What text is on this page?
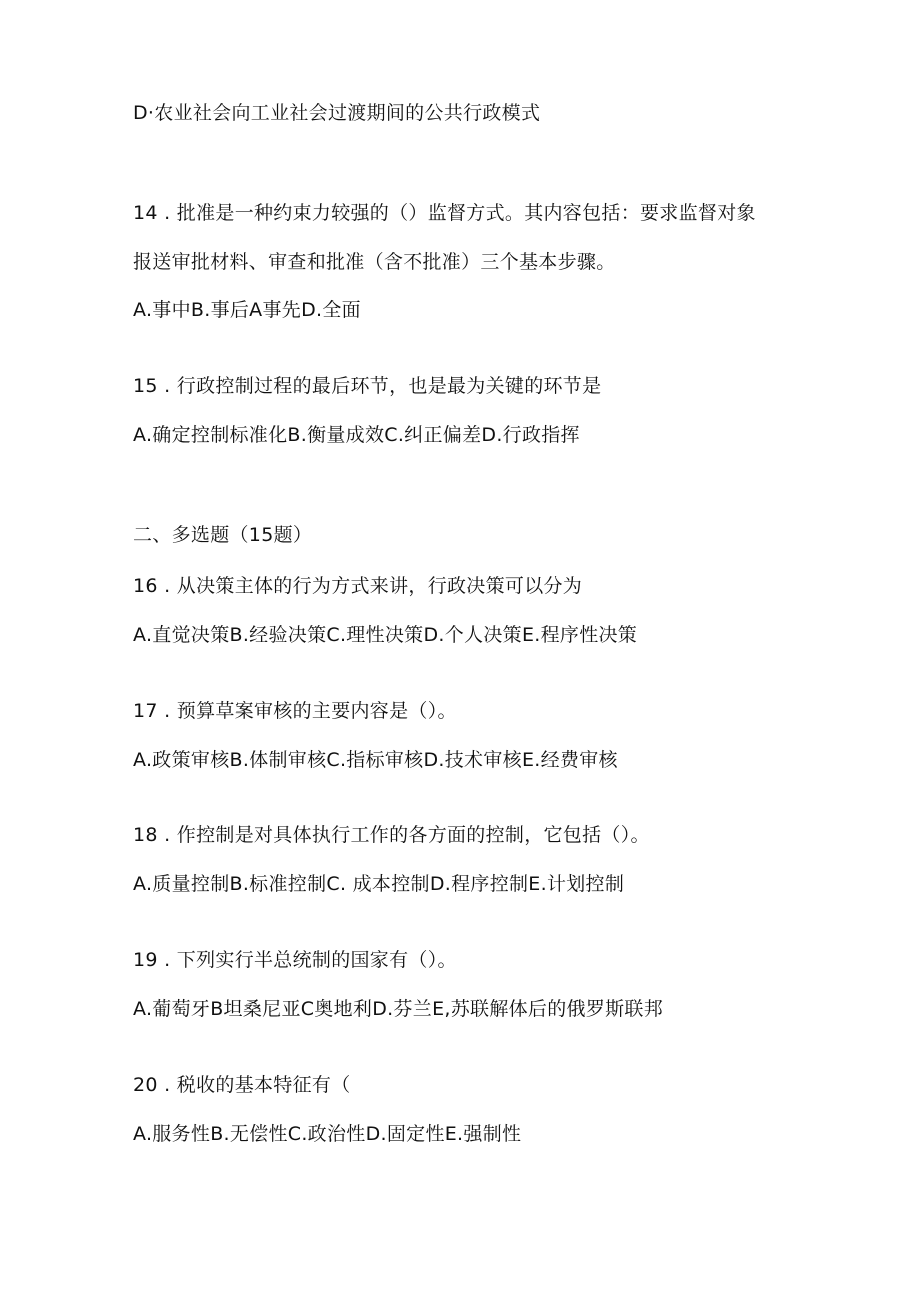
D·农业社会向工业社会过渡期间的公共行政模式
14 . 批准是一种约束力较强的（）监督方式。其内容包括：要求监督对象
报送审批材料、审查和批准（含不批准）三个基本步骤。
A.事中B.事后A事先D.全面
15 . 行政控制过程的最后环节，也是最为关键的环节是
A.确定控制标准化B.衡量成效C.纠正偏差D.行政指挥
二、多选题（15题）
16 . 从决策主体的行为方式来讲，行政决策可以分为
A.直觉决策B.经验决策C.理性决策D.个人决策E.程序性决策
17 . 预算草案审核的主要内容是（）。
A.政策审核B.体制审核C.指标审核D.技术审核E.经费审核
18 . 作控制是对具体执行工作的各方面的控制，它包括（）。
A.质量控制B.标准控制C. 成本控制D.程序控制E.计划控制
19 . 下列实行半总统制的国家有（）。
A.葡萄牙B坦桑尼亚C奥地利D.芬兰E,苏联解体后的俄罗斯联邦
20 . 税收的基本特征有（
A.服务性B.无偿性C.政治性D.固定性E.强制性
